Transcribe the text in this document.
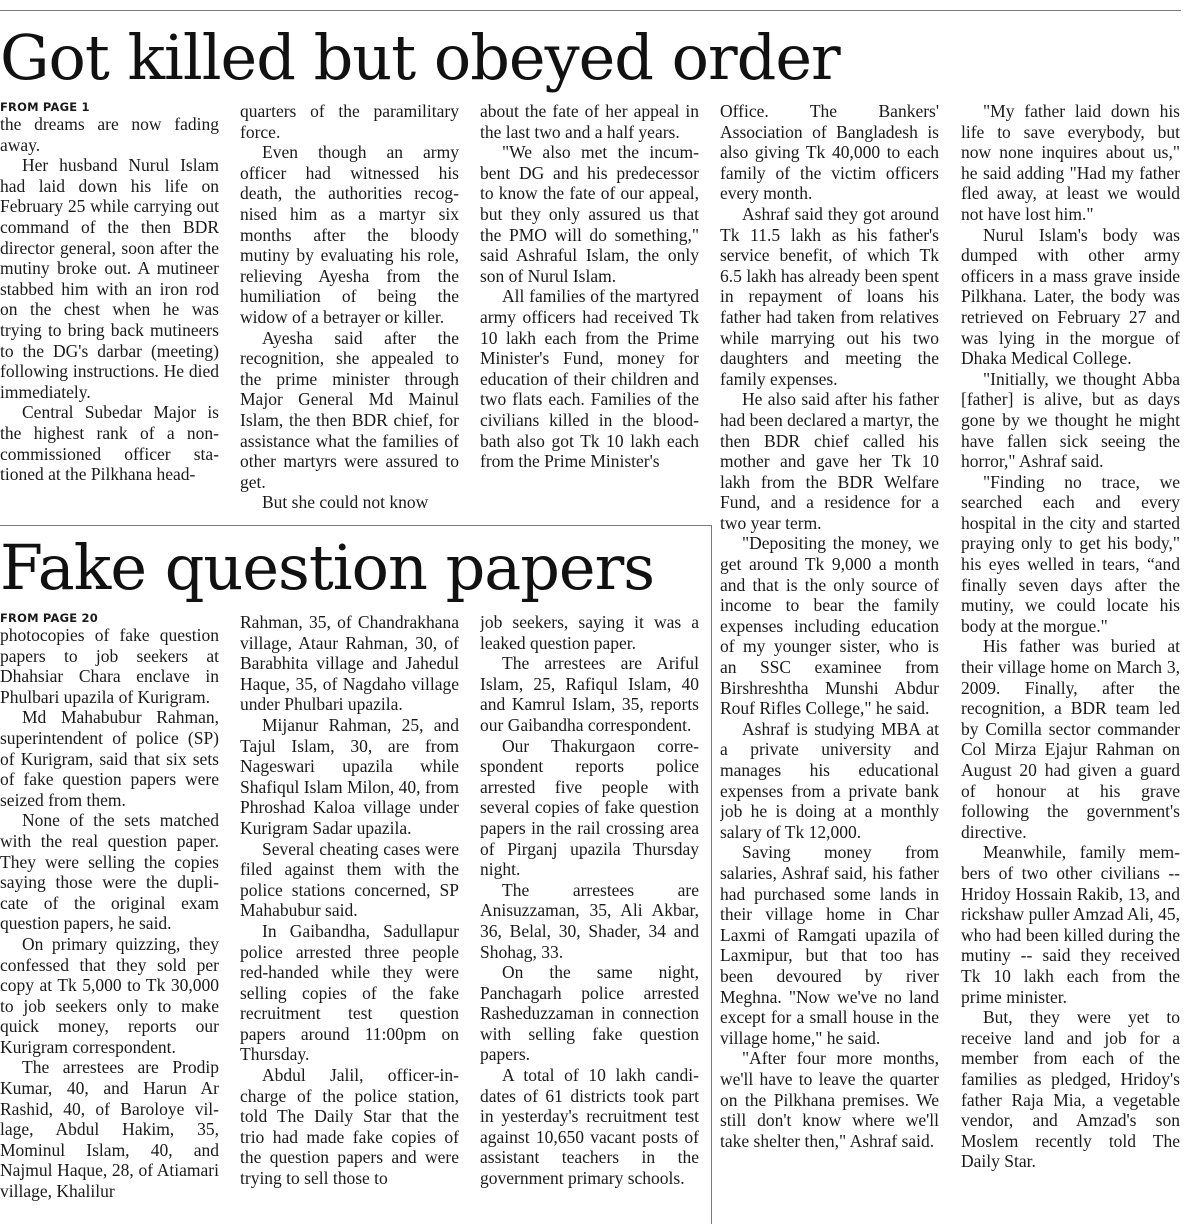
Got killed but obeyed order
FROM PAGE 1

the dreams are now fading away.

Her husband Nurul Islam had laid down his life on February 25 while carrying out command of the then BDR director general, soon after the mutiny broke out. A mutineer stabbed him with an iron rod on the chest when he was trying to bring back mutineers to the DG's darbar (meeting) following instructions. He died immediately.

Central Subedar Major is the highest rank of a non-commissioned officer stationed at the Pilkhana head-

quarters of the paramilitary force.

Even though an army officer had witnessed his death, the authorities recognised him as a martyr six months after the bloody mutiny by evaluating his role, relieving Ayesha from the humiliation of being the widow of a betrayer or killer.

Ayesha said after the recognition, she appealed to the prime minister through Major General Md Mainul Islam, the then BDR chief, for assistance what the families of other martyrs were assured to get.

But she could not know

about the fate of her appeal in the last two and a half years.

"We also met the incumbent DG and his predecessor to know the fate of our appeal, but they only assured us that the PMO will do something," said Ashraful Islam, the only son of Nurul Islam.

All families of the martyred army officers had received Tk 10 lakh each from the Prime Minister's Fund, money for education of their children and two flats each. Families of the civilians killed in the bloodbath also got Tk 10 lakh each from the Prime Minister's

Office. The Bankers' Association of Bangladesh is also giving Tk 40,000 to each family of the victim officers every month.

Ashraf said they got around Tk 11.5 lakh as his father's service benefit, of which Tk 6.5 lakh has already been spent in repayment of loans his father had taken from relatives while marrying out his two daughters and meeting the family expenses.

He also said after his father had been declared a martyr, the then BDR chief called his mother and gave her Tk 10 lakh from the BDR Welfare Fund, and a residence for a two year term.

"Depositing the money, we get around Tk 9,000 a month and that is the only source of income to bear the family expenses including education of my younger sister, who is an SSC examinee from Birshreshtha Munshi Abdur Rouf Rifles College," he said.

Ashraf is studying MBA at a private university and manages his educational expenses from a private bank job he is doing at a monthly salary of Tk 12,000.

Saving money from salaries, Ashraf said, his father had purchased some lands in their village home in Char Laxmi of Ramgati upazila of Laxmipur, but that too has been devoured by river Meghna. "Now we've no land except for a small house in the village home," he said.

"After four more months, we'll have to leave the quarter on the Pilkhana premises. We still don't know where we'll take shelter then," Ashraf said.

"My father laid down his life to save everybody, but now none inquires about us," he said adding "Had my father fled away, at least we would not have lost him."

Nurul Islam's body was dumped with other army officers in a mass grave inside Pilkhana. Later, the body was retrieved on February 27 and was lying in the morgue of Dhaka Medical College.

"Initially, we thought Abba [father] is alive, but as days gone by we thought he might have fallen sick seeing the horror," Ashraf said.

"Finding no trace, we searched each and every hospital in the city and started praying only to get his body," his eyes welled in tears, “and finally seven days after the mutiny, we could locate his body at the morgue."

His father was buried at their village home on March 3, 2009. Finally, after the recognition, a BDR team led by Comilla sector commander Col Mirza Ejajur Rahman on August 20 had given a guard of honour at his grave following the government's directive.

Meanwhile, family members of two other civilians -- Hridoy Hossain Rakib, 13, and rickshaw puller Amzad Ali, 45, who had been killed during the mutiny -- said they received Tk 10 lakh each from the prime minister.

But, they were yet to receive land and job for a member from each of the families as pledged, Hridoy's father Raja Mia, a vegetable vendor, and Amzad's son Moslem recently told The Daily Star.

Fake question papers
FROM PAGE 20

photocopies of fake question papers to job seekers at Dhahsiar Chara enclave in Phulbari upazila of Kurigram.

Md Mahabubur Rahman, superintendent of police (SP) of Kurigram, said that six sets of fake question papers were seized from them.

None of the sets matched with the real question paper. They were selling the copies saying those were the duplicate of the original exam question papers, he said.

On primary quizzing, they confessed that they sold per copy at Tk 5,000 to Tk 30,000 to job seekers only to make quick money, reports our Kurigram correspondent.

The arrestees are Prodip Kumar, 40, and Harun Ar Rashid, 40, of Baroloye village, Abdul Hakim, 35, Mominul Islam, 40, and Najmul Haque, 28, of Atiamari village, Khalilur

Rahman, 35, of Chandrakhana village, Ataur Rahman, 30, of Barabhita village and Jahedul Haque, 35, of Nagdaho village under Phulbari upazila.

Mijanur Rahman, 25, and Tajul Islam, 30, are from Nageswari upazila while Shafiqul Islam Milon, 40, from Phroshad Kaloa village under Kurigram Sadar upazila.

Several cheating cases were filed against them with the police stations concerned, SP Mahabubur said.

In Gaibandha, Sadullapur police arrested three people red-handed while they were selling copies of the fake recruitment test question papers around 11:00pm on Thursday.

Abdul Jalil, officer-in-charge of the police station, told The Daily Star that the trio had made fake copies of the question papers and were trying to sell those to

job seekers, saying it was a leaked question paper.

The arrestees are Ariful Islam, 25, Rafiqul Islam, 40 and Kamrul Islam, 35, reports our Gaibandha correspondent.

Our Thakurgaon correspondent reports police arrested five people with several copies of fake question papers in the rail crossing area of Pirganj upazila Thursday night.

The arrestees are Anisuzzaman, 35, Ali Akbar, 36, Belal, 30, Shader, 34 and Shohag, 33.

On the same night, Panchagarh police arrested Rasheduzzaman in connection with selling fake question papers.

A total of 10 lakh candidates of 61 districts took part in yesterday's recruitment test against 10,650 vacant posts of assistant teachers in the government primary schools.
